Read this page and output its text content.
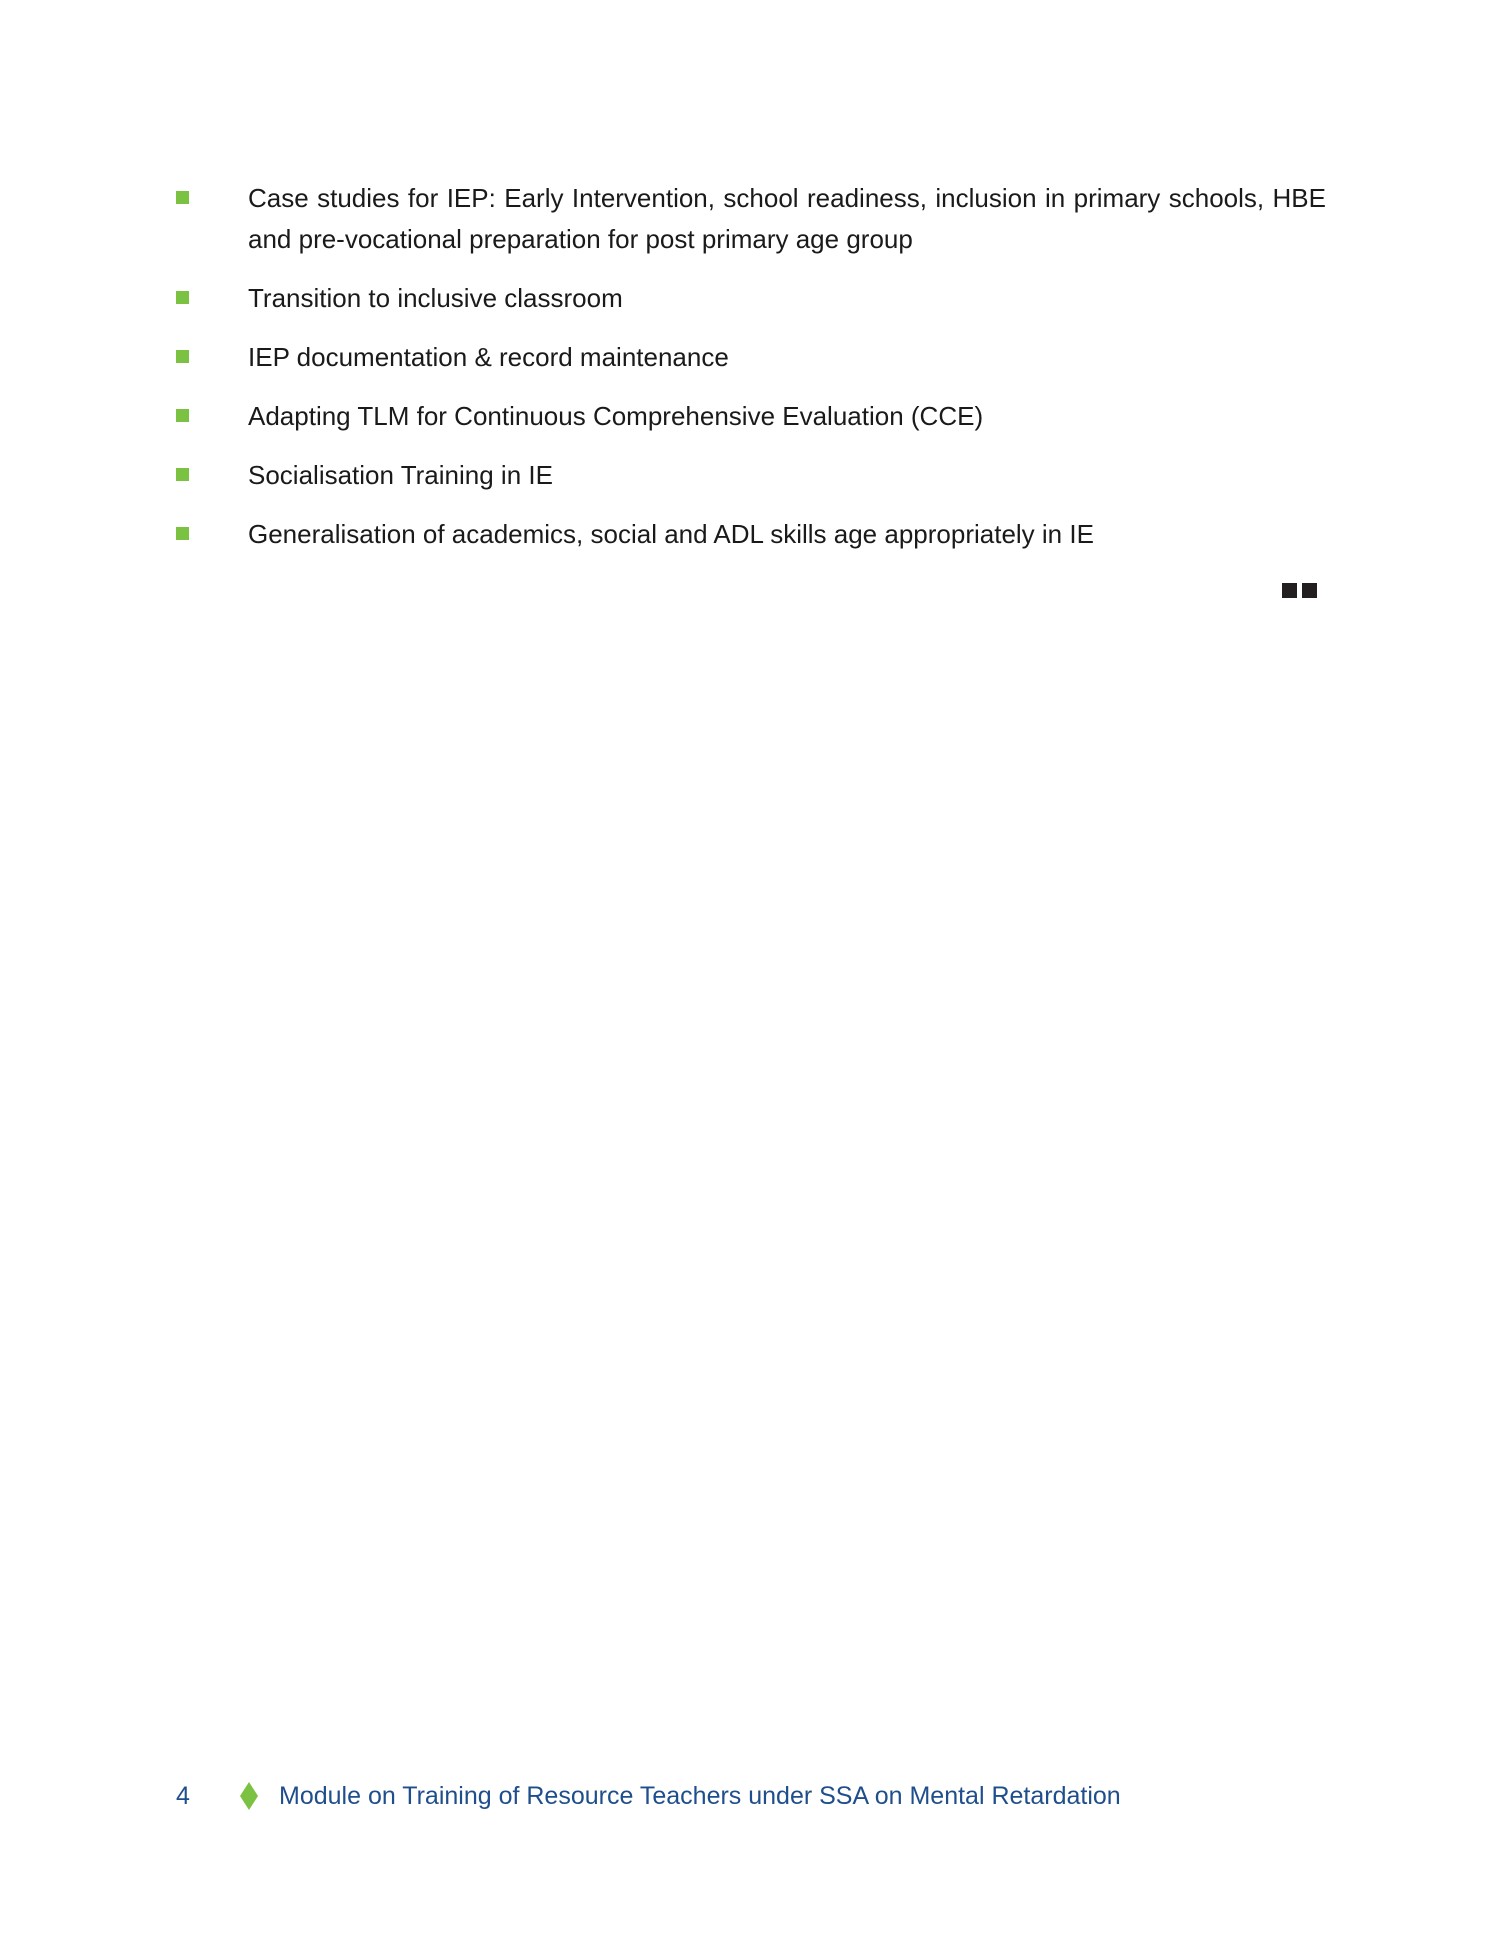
Case studies for IEP: Early Intervention, school readiness, inclusion in primary schools, HBE and pre-vocational preparation for post primary age group
Transition to inclusive classroom
IEP documentation & record maintenance
Adapting TLM for Continuous Comprehensive Evaluation (CCE)
Socialisation Training in IE
Generalisation of academics, social and ADL skills age appropriately in IE
4	Module on Training of Resource Teachers under SSA on Mental Retardation
